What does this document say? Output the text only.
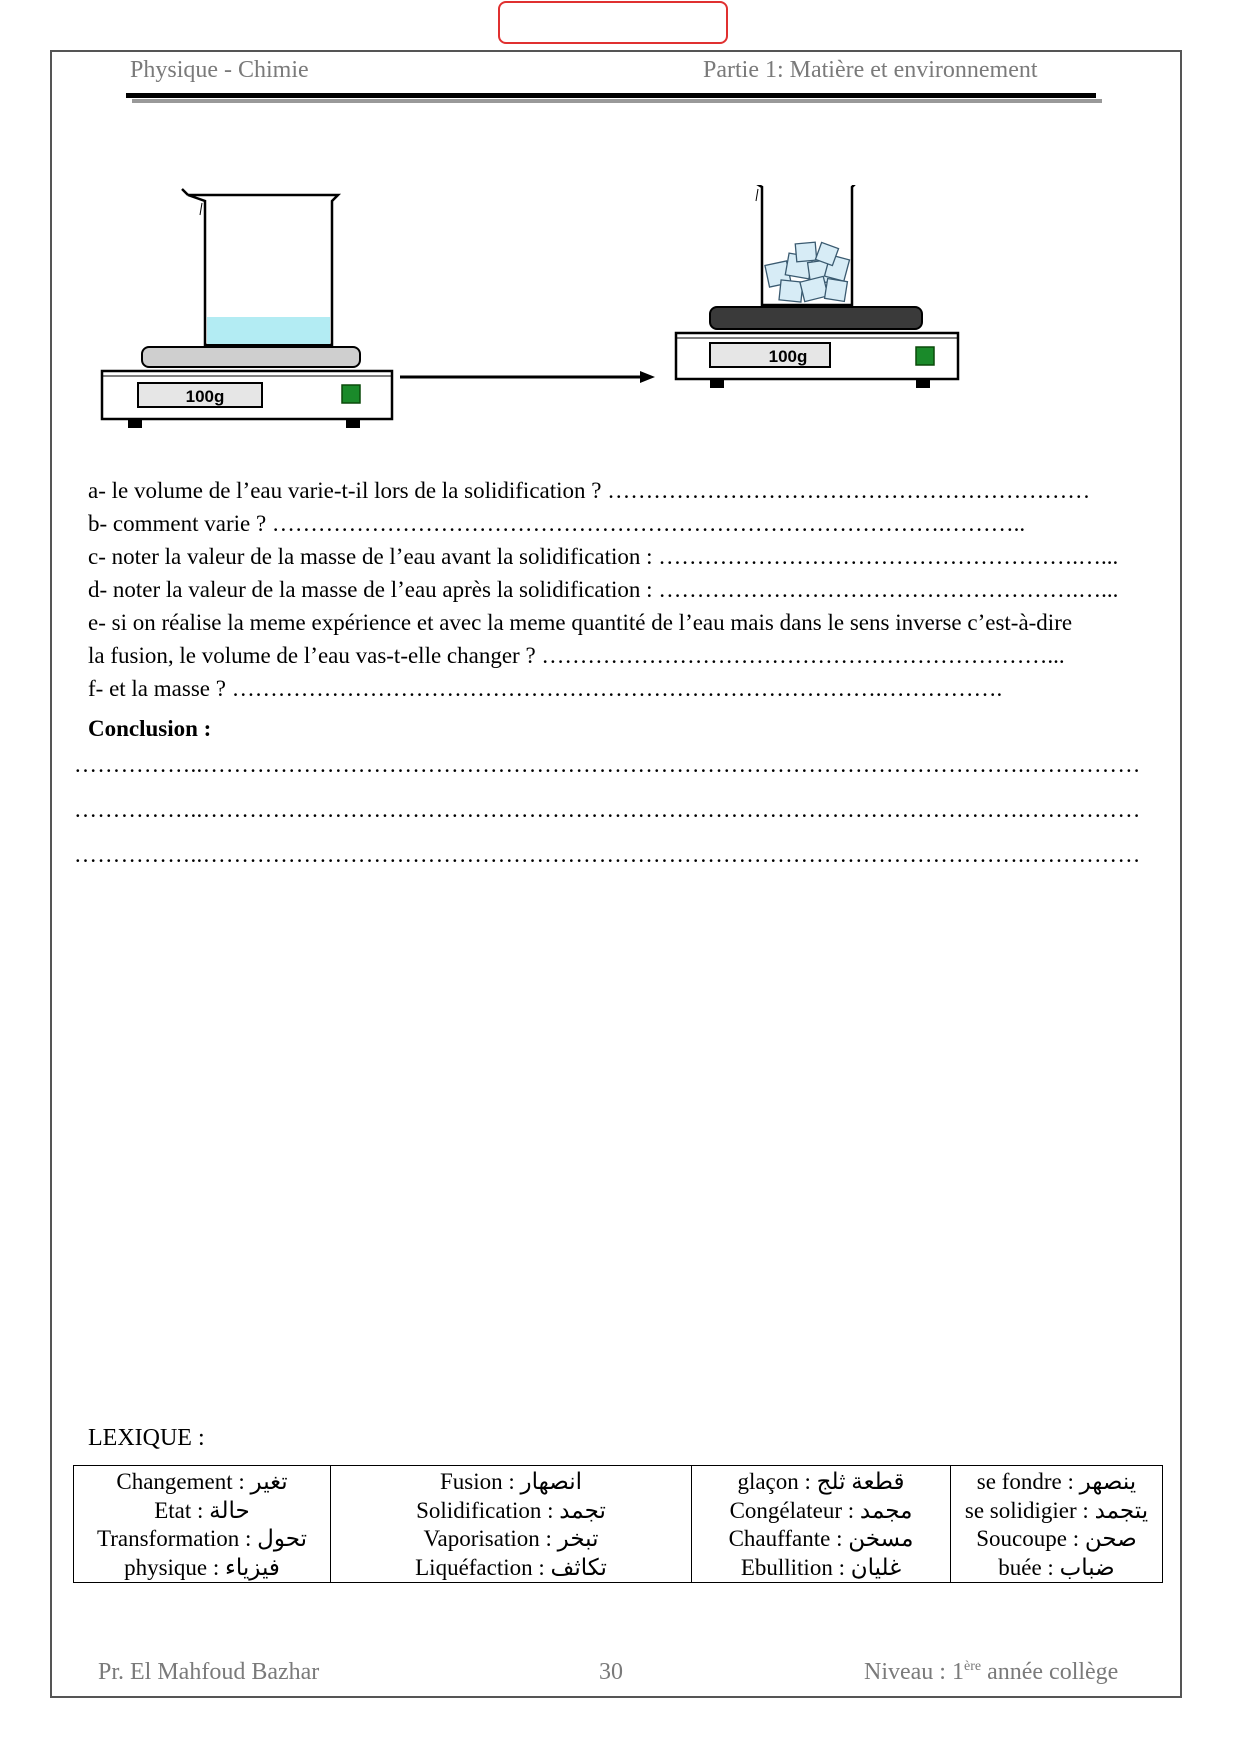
Physique - Chimie	Partie 1: Matière et environnement
100g
100g
a- le volume de l’eau varie-t-il lors de la solidification ? ………………………………………………………
b- comment varie ? …………………………………………………………………………….………..
c- noter la valeur de la masse de l’eau avant la solidification : ……………………………………………….…...
d- noter la valeur de la masse de l’eau après la solidification : ……………………………………………….…...
e- si on réalise la meme expérience et avec la meme quantité de l’eau mais dans le sens inverse c’est-à-dire
la fusion, le volume de l’eau vas-t-elle changer ? …………………………………………………………...
f- et la masse ? ………………………………………………………………………….…………….
Conclusion :
……………..…………………………………………………………………………………………….……………
……………..…………………………………………………………………………………………….……………
……………..…………………………………………………………………………………………….……………
LEXIQUE :
Changement : تغير
Etat : حالة
Transformation : تحول
physique : فيزياء

Fusion : انصهار
Solidification : تجمد
Vaporisation : تبخر
Liquéfaction : تكاثف

glaçon : قطعة ثلج
Congélateur : مجمد
Chauffante : مسخن
Ebullition : غليان

se fondre : ينصهر
se solidigier : يتجمد
Soucoupe : صحن
buée : ضباب
Pr. El Mahfoud Bazhar	30	Niveau : 1ère année collège
